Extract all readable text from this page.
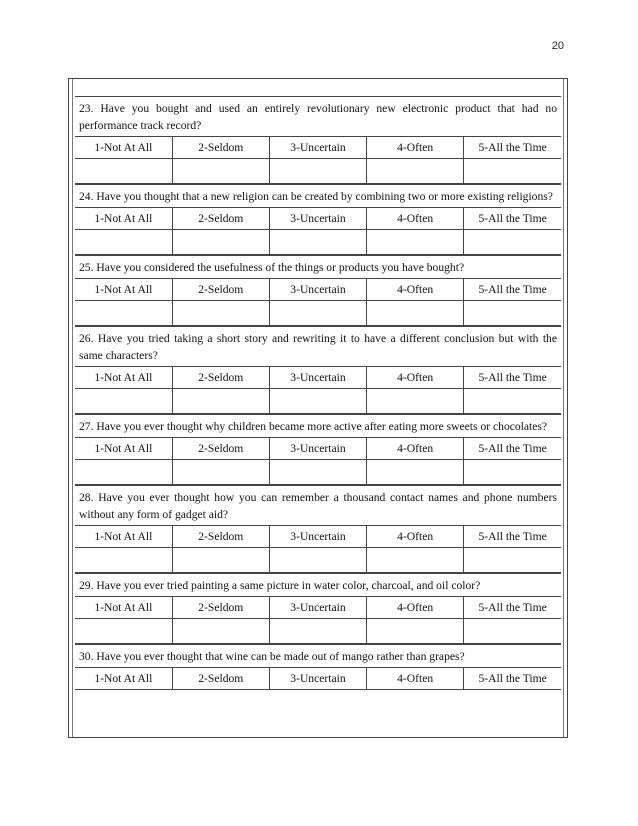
20
23. Have you bought and used an entirely revolutionary new electronic product that had no performance track record?
1-Not At All	2-Seldom	3-Uncertain	4-Often	5-All the Time

24. Have you thought that a new religion can be created by combining two or more existing religions?
1-Not At All	2-Seldom	3-Uncertain	4-Often	5-All the Time

25. Have you considered the usefulness of the things or products you have bought?
1-Not At All	2-Seldom	3-Uncertain	4-Often	5-All the Time

26. Have you tried taking a short story and rewriting it to have a different conclusion but with the same characters?
1-Not At All	2-Seldom	3-Uncertain	4-Often	5-All the Time

27. Have you ever thought why children became more active after eating more sweets or chocolates?
1-Not At All	2-Seldom	3-Uncertain	4-Often	5-All the Time

28. Have you ever thought how you can remember a thousand contact names and phone numbers without any form of gadget aid?
1-Not At All	2-Seldom	3-Uncertain	4-Often	5-All the Time

29. Have you ever tried painting a same picture in water color, charcoal, and oil color?
1-Not At All	2-Seldom	3-Uncertain	4-Often	5-All the Time

30. Have you ever thought that wine can be made out of mango rather than grapes?
1-Not At All	2-Seldom	3-Uncertain	4-Often	5-All the Time
